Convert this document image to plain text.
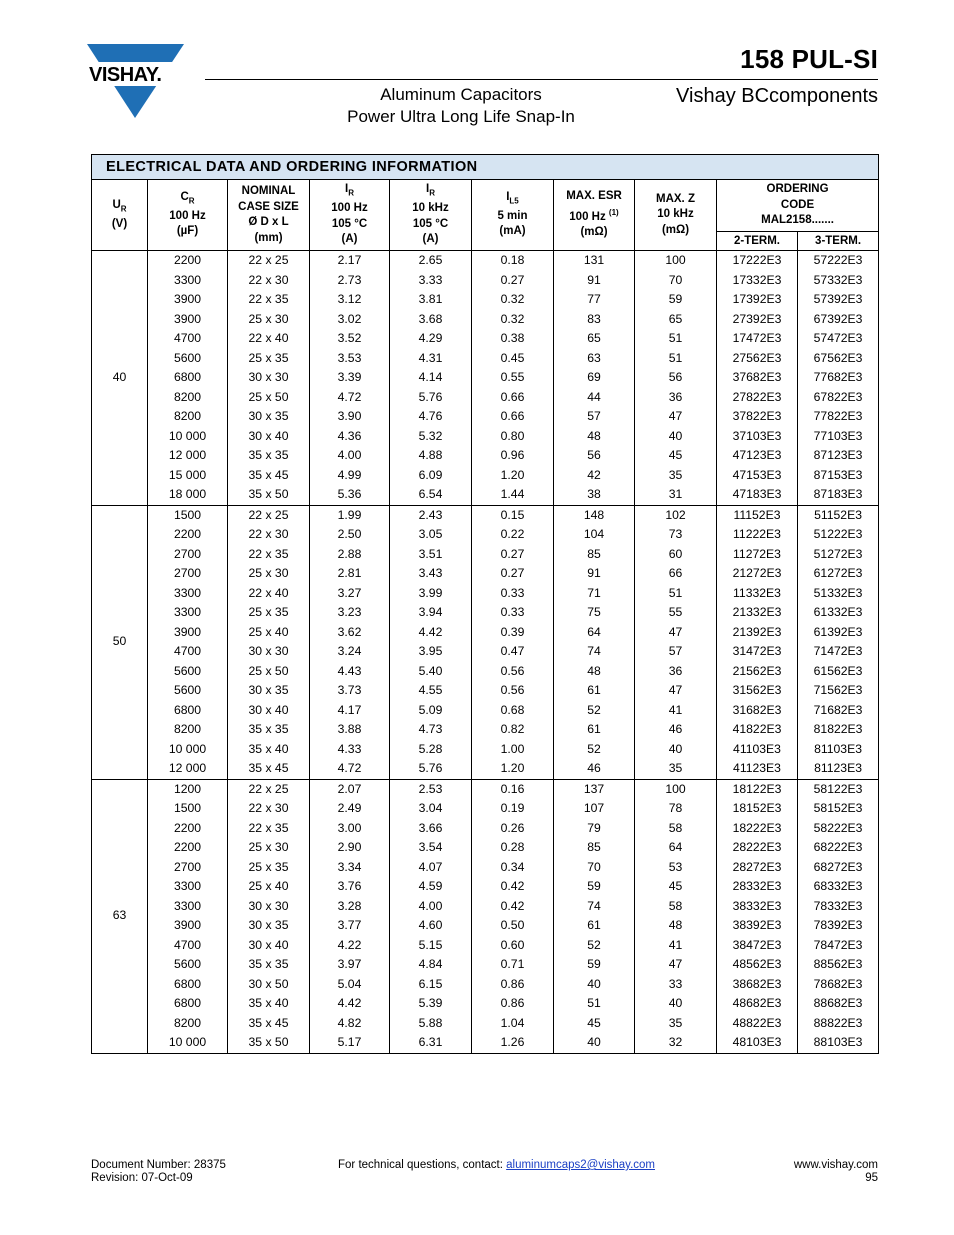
VISHAY.
158 PUL-SI
Aluminum Capacitors
Power Ultra Long Life Snap-In
Vishay BCcomponents
ELECTRICAL DATA AND ORDERING INFORMATION									
$U_R$
(V)	$C_R$
100 Hz
(µF)	NOMINAL
CASE SIZE
Ø D x L
(mm)	$I_R$
100 Hz
105 °C
(A)	$I_R$
10 kHz
105 °C
(A)	$I_{L5}$
5 min
(mA)	MAX. ESR
100 Hz $^{(1)}$
(mΩ)	MAX. Z
10 kHz
(mΩ)	ORDERING
CODE
MAL2158.......	
								2-TERM.	3-TERM.
40	2200	22 x 25	2.17	2.65	0.18	131	100	17222E3	57222E3
	3300	22 x 30	2.73	3.33	0.27	91	70	17332E3	57332E3
	3900	22 x 35	3.12	3.81	0.32	77	59	17392E3	57392E3
	3900	25 x 30	3.02	3.68	0.32	83	65	27392E3	67392E3
	4700	22 x 40	3.52	4.29	0.38	65	51	17472E3	57472E3
	5600	25 x 35	3.53	4.31	0.45	63	51	27562E3	67562E3
	6800	30 x 30	3.39	4.14	0.55	69	56	37682E3	77682E3
	8200	25 x 50	4.72	5.76	0.66	44	36	27822E3	67822E3
	8200	30 x 35	3.90	4.76	0.66	57	47	37822E3	77822E3
	10 000	30 x 40	4.36	5.32	0.80	48	40	37103E3	77103E3
	12 000	35 x 35	4.00	4.88	0.96	56	45	47123E3	87123E3
	15 000	35 x 45	4.99	6.09	1.20	42	35	47153E3	87153E3
	18 000	35 x 50	5.36	6.54	1.44	38	31	47183E3	87183E3
50	1500	22 x 25	1.99	2.43	0.15	148	102	11152E3	51152E3
	2200	22 x 30	2.50	3.05	0.22	104	73	11222E3	51222E3
	2700	22 x 35	2.88	3.51	0.27	85	60	11272E3	51272E3
	2700	25 x 30	2.81	3.43	0.27	91	66	21272E3	61272E3
	3300	22 x 40	3.27	3.99	0.33	71	51	11332E3	51332E3
	3300	25 x 35	3.23	3.94	0.33	75	55	21332E3	61332E3
	3900	25 x 40	3.62	4.42	0.39	64	47	21392E3	61392E3
	4700	30 x 30	3.24	3.95	0.47	74	57	31472E3	71472E3
	5600	25 x 50	4.43	5.40	0.56	48	36	21562E3	61562E3
	5600	30 x 35	3.73	4.55	0.56	61	47	31562E3	71562E3
	6800	30 x 40	4.17	5.09	0.68	52	41	31682E3	71682E3
	8200	35 x 35	3.88	4.73	0.82	61	46	41822E3	81822E3
	10 000	35 x 40	4.33	5.28	1.00	52	40	41103E3	81103E3
	12 000	35 x 45	4.72	5.76	1.20	46	35	41123E3	81123E3
63	1200	22 x 25	2.07	2.53	0.16	137	100	18122E3	58122E3
	1500	22 x 30	2.49	3.04	0.19	107	78	18152E3	58152E3
	2200	22 x 35	3.00	3.66	0.26	79	58	18222E3	58222E3
	2200	25 x 30	2.90	3.54	0.28	85	64	28222E3	68222E3
	2700	25 x 35	3.34	4.07	0.34	70	53	28272E3	68272E3
	3300	25 x 40	3.76	4.59	0.42	59	45	28332E3	68332E3
	3300	30 x 30	3.28	4.00	0.42	74	58	38332E3	78332E3
	3900	30 x 35	3.77	4.60	0.50	61	48	38392E3	78392E3
	4700	30 x 40	4.22	5.15	0.60	52	41	38472E3	78472E3
	5600	35 x 35	3.97	4.84	0.71	59	47	48562E3	88562E3
	6800	30 x 50	5.04	6.15	0.86	40	33	38682E3	78682E3
	6800	35 x 40	4.42	5.39	0.86	51	40	48682E3	88682E3
	8200	35 x 45	4.82	5.88	1.04	45	35	48822E3	88822E3
	10 000	35 x 50	5.17	6.31	1.26	40	32	48103E3	88103E3
Document Number: 28375
Revision: 07-Oct-09
For technical questions, contact: aluminumcaps2@vishay.com	www.vishay.com
95
